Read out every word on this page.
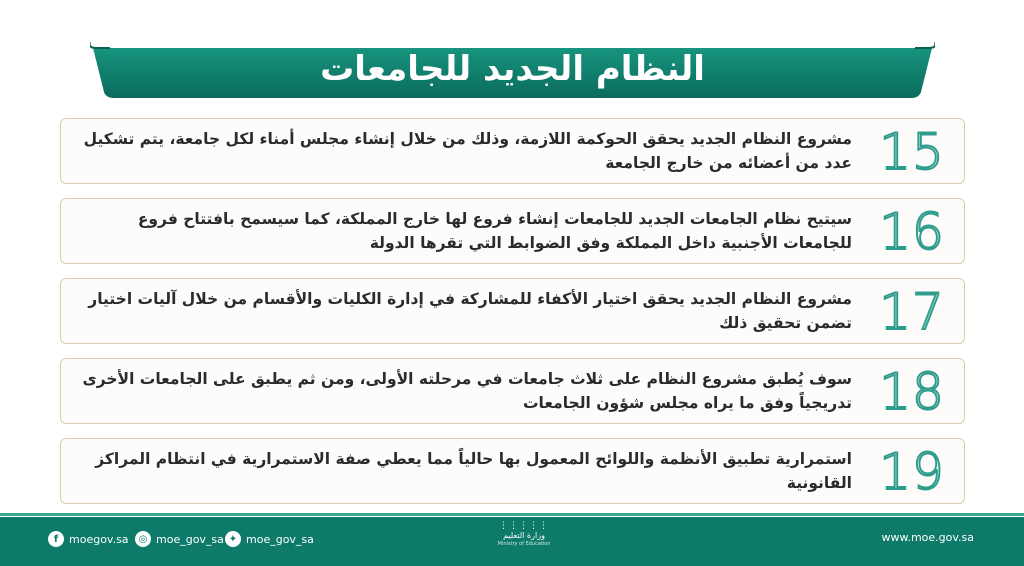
النظام الجديد للجامعات
15
مشروع النظام الجديد يحقق الحوكمة اللازمة، وذلك من خلال إنشاء مجلس أمناء لكل جامعة، يتم تشكيل عدد من أعضائه من خارج الجامعة
16
سيتيح نظام الجامعات الجديد للجامعات إنشاء فروع لها خارج المملكة، كما سيسمح بافتتاح فروع للجامعات الأجنبية داخل المملكة وفق الضوابط التي تقرها الدولة
17
مشروع النظام الجديد يحقق اختيار الأكفاء للمشاركة في إدارة الكليات والأقسام من خلال آليات اختيار تضمن تحقيق ذلك
18
سوف يُطبق مشروع النظام على ثلاث جامعات في مرحلته الأولى، ومن ثم يطبق على الجامعات الأخرى تدريجياً وفق ما يراه مجلس شؤون الجامعات
19
استمرارية تطبيق الأنظمة واللوائح المعمول بها حالياً مما يعطي صفة الاستمرارية في انتظام المراكز القانونية
f moegov.sa	◎ moe_gov_sa ✦ moe_gov_sa
⋮⋮⋮⋮⋮
وزارة التعليم
Ministry of Education	www.moe.gov.sa
